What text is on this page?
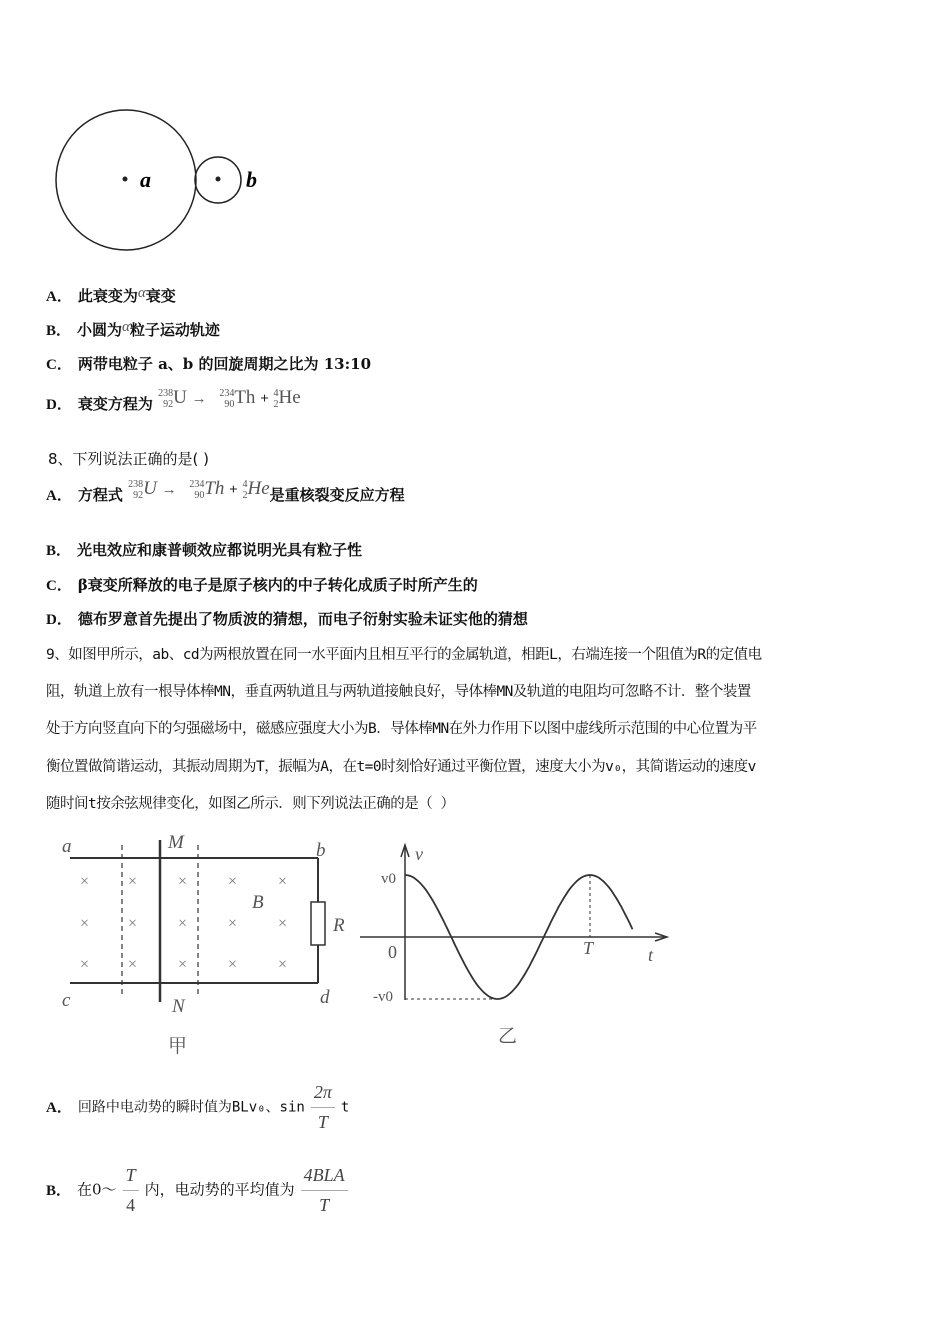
a	b
A． 此衰变为α衰变
B． 小圆为α粒子运动轨迹
C． 两带电粒子 a、b 的回旋周期之比为 13:10
D． 衰变方程为
238
92 U → 234
90 Th + 4
2 He
8、下列说法正确的是( )
A． 方程式
238
92 U → 234
90 Th + 4
2 He是重核裂变反应方程
B． 光电效应和康普顿效应都说明光具有粒子性
C． β衰变所释放的电子是原子核内的中子转化成质子时所产生的
D． 德布罗意首先提出了物质波的猜想，而电子衍射实验未证实他的猜想
9、如图甲所示，ab、cd为两根放置在同一水平面内且相互平行的金属轨道，相距L，右端连接一个阻值为R的定值电
阻，轨道上放有一根导体棒MN，垂直两轨道且与两轨道接触良好，导体棒MN及轨道的电阻均可忽略不计．整个装置
处于方向竖直向下的匀强磁场中，磁感应强度大小为B．导体棒MN在外力作用下以图中虚线所示范围的中心位置为平
衡位置做简谐运动，其振动周期为T，振幅为A，在t=0时刻恰好通过平衡位置，速度大小为v₀，其简谐运动的速度v
随时间t按余弦规律变化，如图乙所示．则下列说法正确的是（ ）
× ×	×	×	×
× ×	×	×	×
× ×	×	×	×
a	M	b
c	N	d
B
R
甲
v
v0
0
-v0
T	t
乙
A． 回路中电动势的瞬时值为BLv₀、$\sin \frac{2\pi}{T}$ t
B． 在0～ $\frac{T}{4}$ 内，电动势的平均值为 $\frac{\text{4BLA}}{T}$
